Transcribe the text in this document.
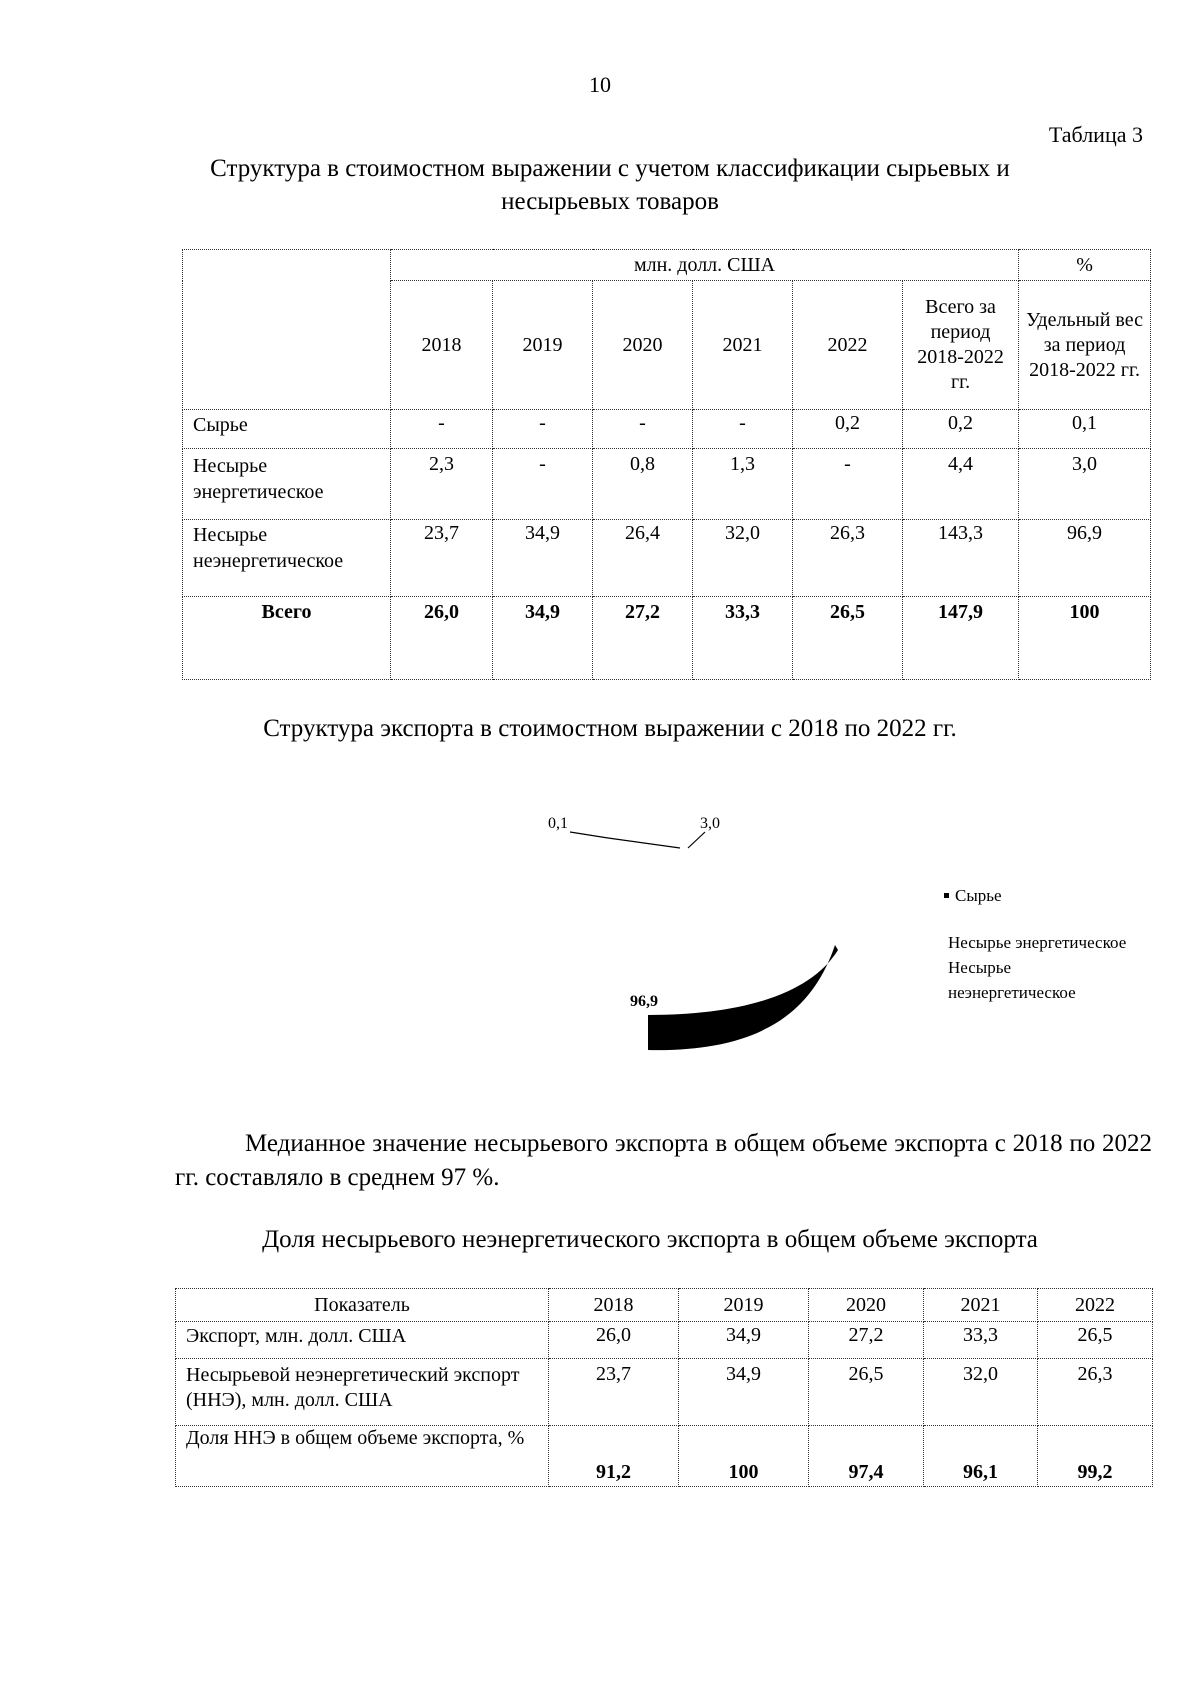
10
Таблица 3
Структура в стоимостном выражении с учетом классификации сырьевых и несырьевых товаров
	млн. долл. США						%
	2018	2019	2020	2021	2022	Всего за период 2018-2022 гг.	Удельный вес за период 2018-2022 гг.
Сырье	-	-	-	-	0,2	0,2	0,1
Несырье энергетическое	2,3	-	0,8	1,3	-	4,4	3,0
Несырье неэнергетическое	23,7	34,9	26,4	32,0	26,3	143,3	96,9
Всего	26,0	34,9	27,2	33,3	26,5	147,9	100
Структура экспорта в стоимостном выражении с 2018 по 2022 гг.
0,1	3,0
96,9
Сырье
Несырье энергетическое
Несырье неэнергетическое
Медианное значение несырьевого экспорта в общем объеме экспорта с 2018 по 2022 гг. составляло в среднем 97 %.
Доля несырьевого неэнергетического экспорта в общем объеме экспорта
Показатель	2018	2019	2020	2021	2022
Экспорт, млн. долл. США	26,0	34,9	27,2	33,3	26,5
Несырьевой неэнергетический экспорт (ННЭ), млн. долл. США	23,7	34,9	26,5	32,0	26,3
Доля ННЭ в общем объеме экспорта, %	91,2	100	97,4	96,1	99,2
